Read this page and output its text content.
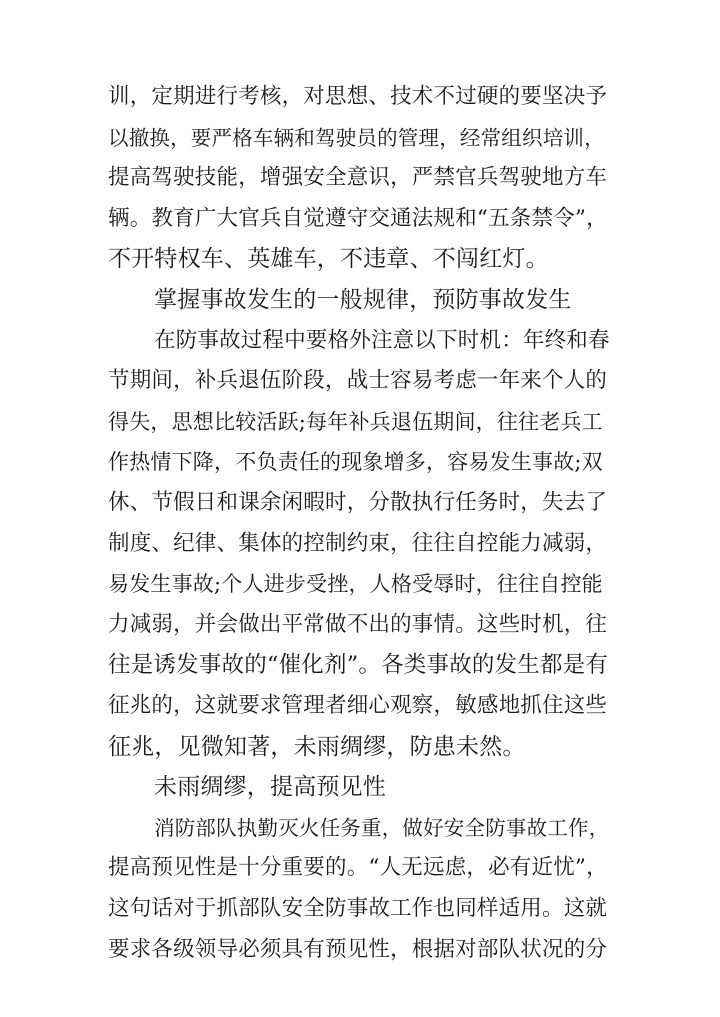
训，定期进行考核，对思想、技术不过硬的要坚决予
以撤换，要严格车辆和驾驶员的管理，经常组织培训，
提高驾驶技能，增强安全意识，严禁官兵驾驶地方车
辆。教育广大官兵自觉遵守交通法规和“五条禁令”，
不开特权车、英雄车，不违章、不闯红灯。
掌握事故发生的一般规律，预防事故发生
在防事故过程中要格外注意以下时机：年终和春
节期间，补兵退伍阶段，战士容易考虑一年来个人的
得失，思想比较活跃;每年补兵退伍期间，往往老兵工
作热情下降，不负责任的现象增多，容易发生事故;双
休、节假日和课余闲暇时，分散执行任务时，失去了
制度、纪律、集体的控制约束，往往自控能力减弱，
易发生事故;个人进步受挫，人格受辱时，往往自控能
力减弱，并会做出平常做不出的事情。这些时机，往
往是诱发事故的“催化剂”。各类事故的发生都是有
征兆的，这就要求管理者细心观察，敏感地抓住这些
征兆，见微知著，未雨绸缪，防患未然。
未雨绸缪，提高预见性
消防部队执勤灭火任务重，做好安全防事故工作，
提高预见性是十分重要的。“人无远虑，必有近忧”，
这句话对于抓部队安全防事故工作也同样适用。这就
要求各级领导必须具有预见性，根据对部队状况的分
